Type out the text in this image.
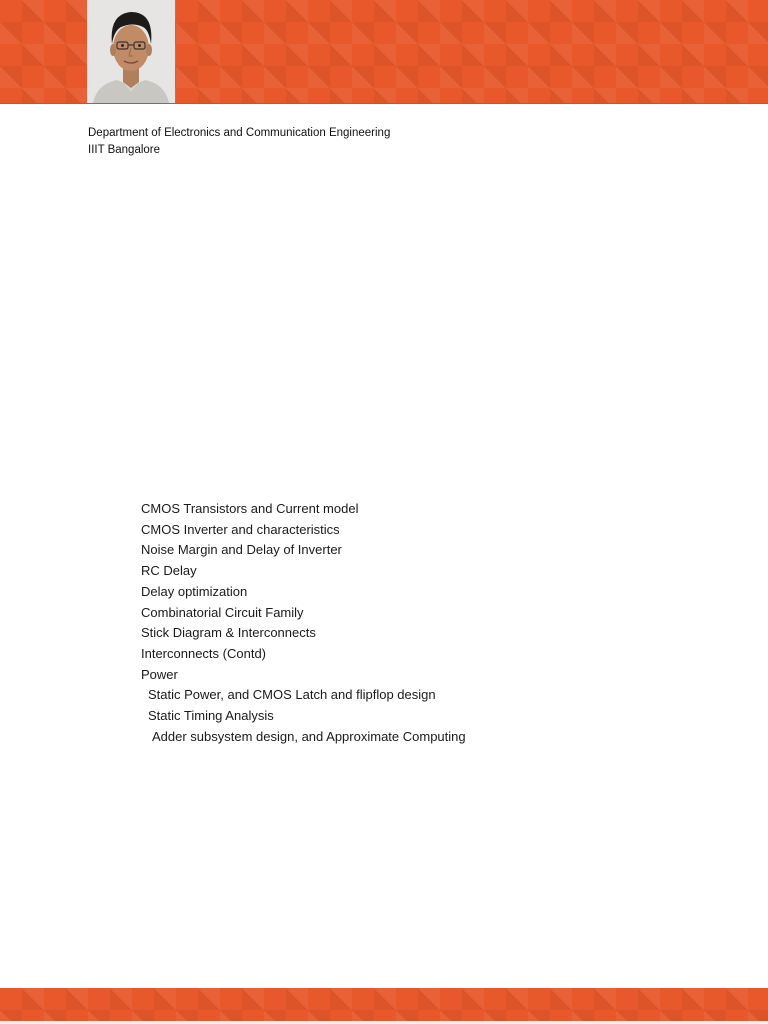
Department of Electronics and Communication Engineering
IIIT Bangalore
CMOS Transistors and Current model
CMOS Inverter and characteristics
Noise Margin and Delay of Inverter
RC Delay
Delay optimization
Combinatorial Circuit Family
Stick Diagram & Interconnects
Interconnects (Contd)
Power
Static Power, and CMOS Latch and flipflop design
Static Timing Analysis
Adder subsystem design, and Approximate Computing
